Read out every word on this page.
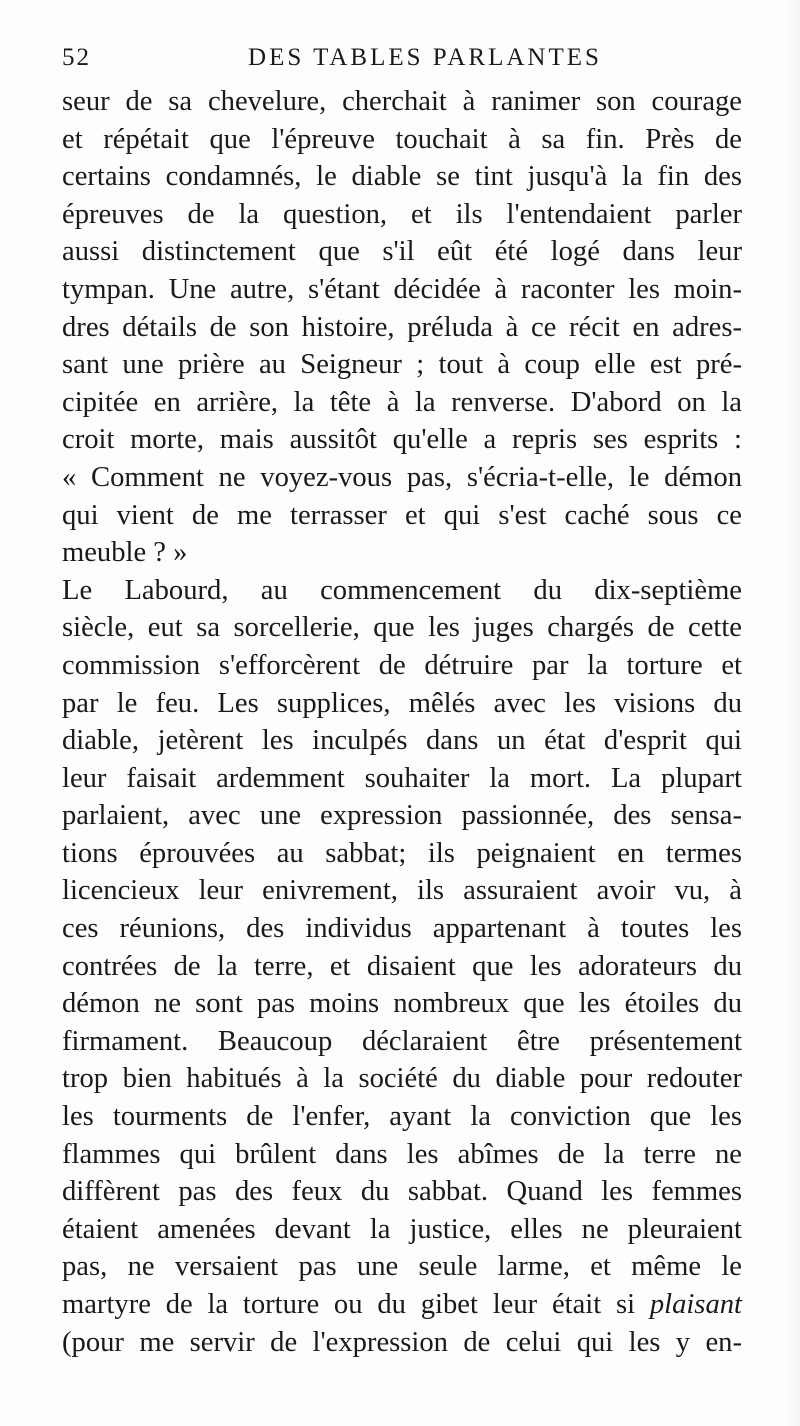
52	DES TABLES PARLANTES
seur de sa chevelure, cherchait à ranimer son courage
et répétait que l'épreuve touchait à sa fin. Près de
certains condamnés, le diable se tint jusqu'à la fin des
épreuves de la question, et ils l'entendaient parler
aussi distinctement que s'il eût été logé dans leur
tympan. Une autre, s'étant décidée à raconter les moin-
dres détails de son histoire, préluda à ce récit en adres-
sant une prière au Seigneur ; tout à coup elle est pré-
cipitée en arrière, la tête à la renverse. D'abord on la
croit morte, mais aussitôt qu'elle a repris ses esprits :
« Comment ne voyez-vous pas, s'écria-t-elle, le démon
qui vient de me terrasser et qui s'est caché sous ce
meuble ? »
Le Labourd, au commencement du dix-septième
siècle, eut sa sorcellerie, que les juges chargés de cette
commission s'efforcèrent de détruire par la torture et
par le feu. Les supplices, mêlés avec les visions du
diable, jetèrent les inculpés dans un état d'esprit qui
leur faisait ardemment souhaiter la mort. La plupart
parlaient, avec une expression passionnée, des sensa-
tions éprouvées au sabbat; ils peignaient en termes
licencieux leur enivrement, ils assuraient avoir vu, à
ces réunions, des individus appartenant à toutes les
contrées de la terre, et disaient que les adorateurs du
démon ne sont pas moins nombreux que les étoiles du
firmament. Beaucoup déclaraient être présentement
trop bien habitués à la société du diable pour redouter
les tourments de l'enfer, ayant la conviction que les
flammes qui brûlent dans les abîmes de la terre ne
diffèrent pas des feux du sabbat. Quand les femmes
étaient amenées devant la justice, elles ne pleuraient
pas, ne versaient pas une seule larme, et même le
martyre de la torture ou du gibet leur était si plaisant
(pour me servir de l'expression de celui qui les y en-
